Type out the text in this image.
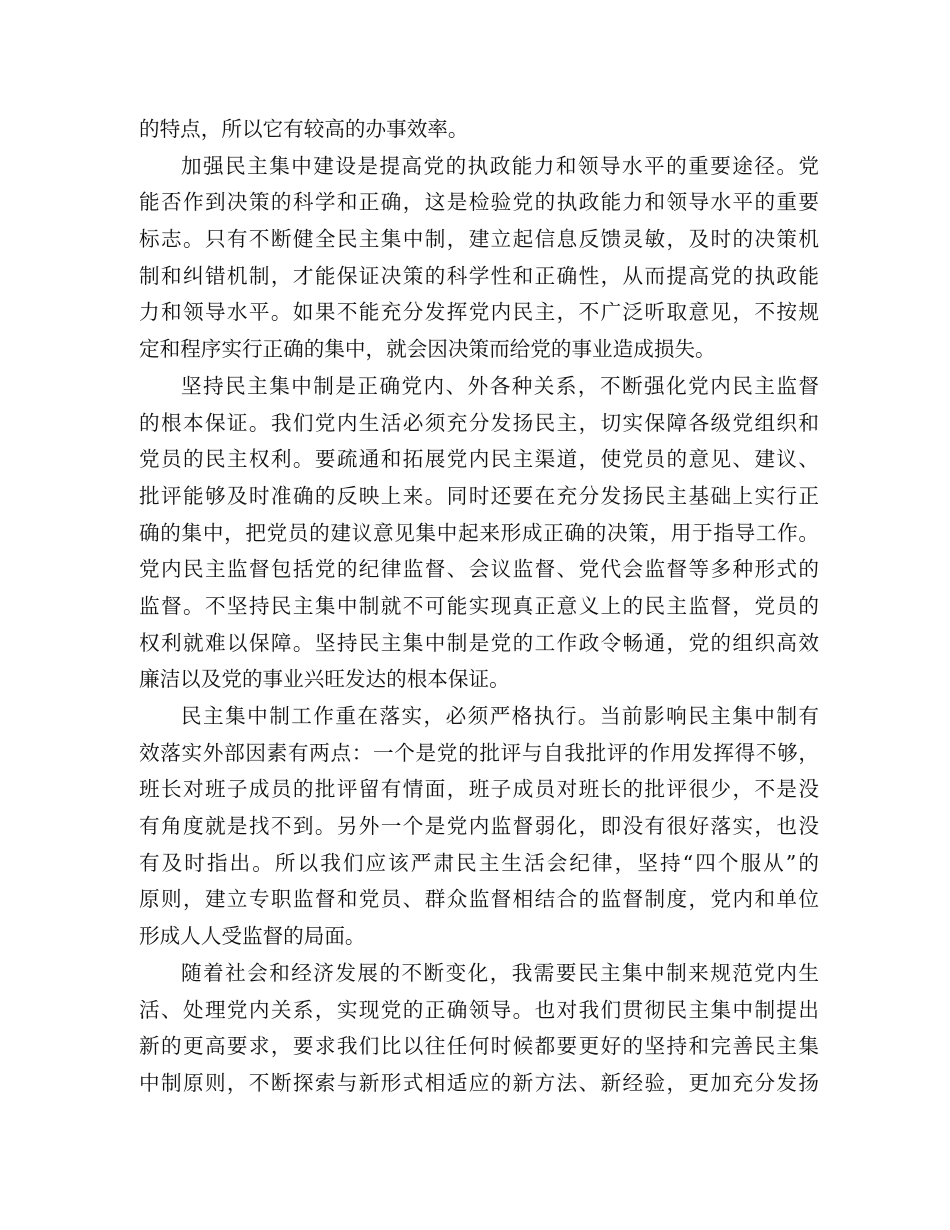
的特点，所以它有较高的办事效率。
加强民主集中建设是提高党的执政能力和领导水平的重要途径。党
能否作到决策的科学和正确，这是检验党的执政能力和领导水平的重要
标志。只有不断健全民主集中制，建立起信息反馈灵敏，及时的决策机
制和纠错机制，才能保证决策的科学性和正确性，从而提高党的执政能
力和领导水平。如果不能充分发挥党内民主，不广泛听取意见，不按规
定和程序实行正确的集中，就会因决策而给党的事业造成损失。
坚持民主集中制是正确党内、外各种关系，不断强化党内民主监督
的根本保证。我们党内生活必须充分发扬民主，切实保障各级党组织和
党员的民主权利。要疏通和拓展党内民主渠道，使党员的意见、建议、
批评能够及时准确的反映上来。同时还要在充分发扬民主基础上实行正
确的集中，把党员的建议意见集中起来形成正确的决策，用于指导工作。
党内民主监督包括党的纪律监督、会议监督、党代会监督等多种形式的
监督。不坚持民主集中制就不可能实现真正意义上的民主监督，党员的
权利就难以保障。坚持民主集中制是党的工作政令畅通，党的组织高效
廉洁以及党的事业兴旺发达的根本保证。
民主集中制工作重在落实，必须严格执行。当前影响民主集中制有
效落实外部因素有两点：一个是党的批评与自我批评的作用发挥得不够，
班长对班子成员的批评留有情面，班子成员对班长的批评很少，不是没
有角度就是找不到。另外一个是党内监督弱化，即没有很好落实，也没
有及时指出。所以我们应该严肃民主生活会纪律，坚持“四个服从”的
原则，建立专职监督和党员、群众监督相结合的监督制度，党内和单位
形成人人受监督的局面。
随着社会和经济发展的不断变化，我需要民主集中制来规范党内生
活、处理党内关系，实现党的正确领导。也对我们贯彻民主集中制提出
新的更高要求，要求我们比以往任何时候都要更好的坚持和完善民主集
中制原则，不断探索与新形式相适应的新方法、新经验，更加充分发扬
